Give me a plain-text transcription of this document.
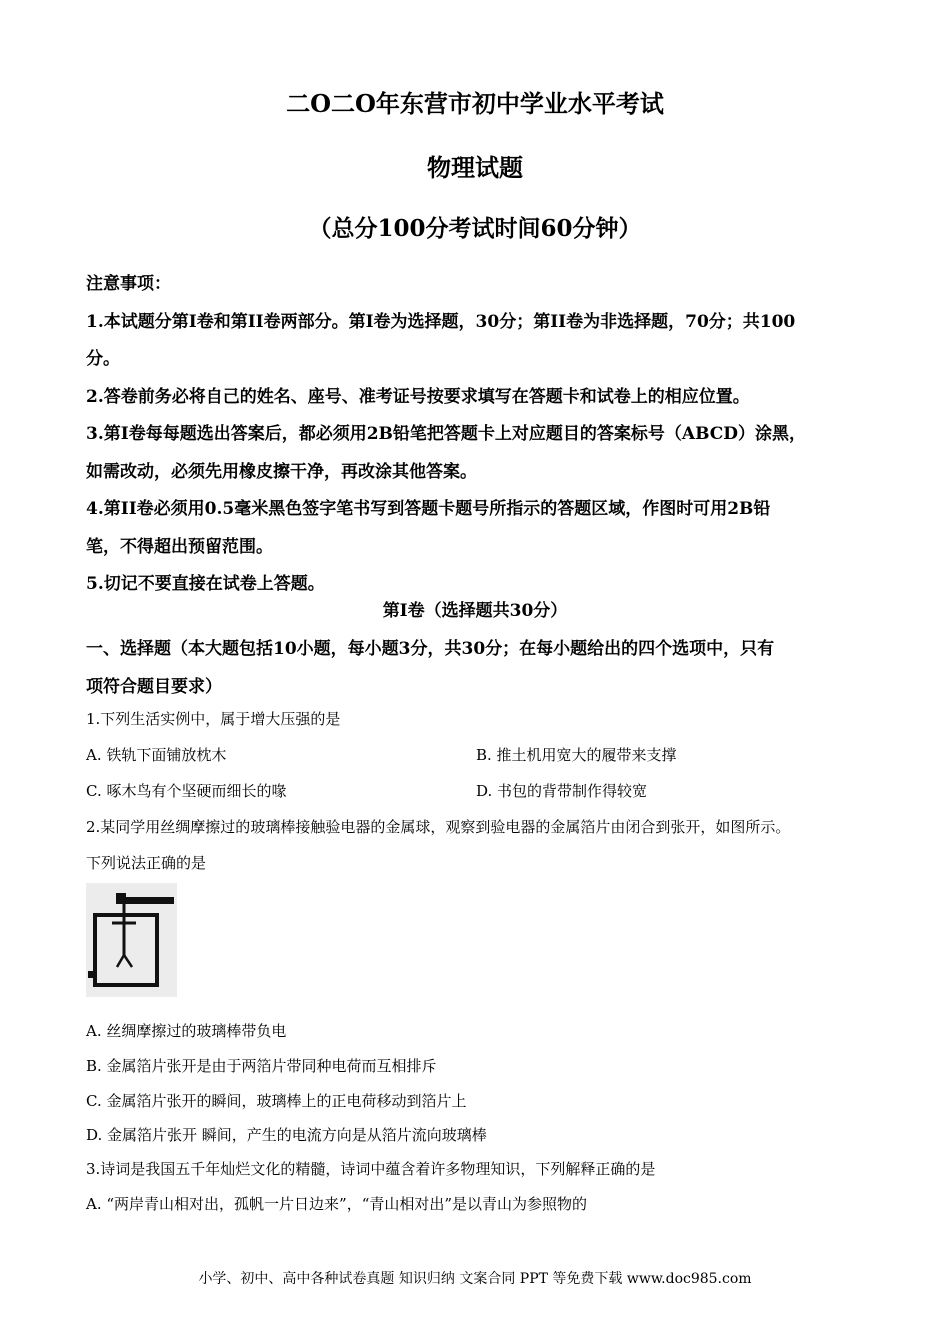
二O二O年东营市初中学业水平考试
物理试题
（总分100分考试时间60分钟）

注意事项：

1.本试题分第I卷和第II卷两部分。第I卷为选择题，30分；第II卷为非选择题，70分；共100

分。

2.答卷前务必将自己的姓名、座号、准考证号按要求填写在答题卡和试卷上的相应位置。

3.第I卷每每题选出答案后，都必须用2B铅笔把答题卡上对应题目的答案标号（ABCD）涂黑，

如需改动，必须先用橡皮擦干净，再改涂其他答案。

4.第II卷必须用0.5毫米黑色签字笔书写到答题卡题号所指示的答题区域，作图时可用2B铅

笔，不得超出预留范围。

5.切记不要直接在试卷上答题。

第I卷（选择题共30分）
一、选择题（本大题包括10小题，每小题3分，共30分；在每小题给出的四个选项中，只有
项符合题目要求）
1.下列生活实例中，属于增大压强的是
A. 铁轨下面铺放枕木	B. 推土机用宽大的履带来支撑
C. 啄木鸟有个坚硬而细长的喙	D. 书包的背带制作得较宽
2.某同学用丝绸摩擦过的玻璃棒接触验电器的金属球，观察到验电器的金属箔片由闭合到张开，如图所示。
下列说法正确的是
A. 丝绸摩擦过的玻璃棒带负电
B. 金属箔片张开是由于两箔片带同种电荷而互相排斥
C. 金属箔片张开的瞬间，玻璃棒上的正电荷移动到箔片上
D. 金属箔片张开 瞬间，产生的电流方向是从箔片流向玻璃棒
3.诗词是我国五千年灿烂文化的精髓，诗词中蕴含着许多物理知识，下列解释正确的是
A. “两岸青山相对出，孤帆一片日边来”，“青山相对出”是以青山为参照物的
小学、初中、高中各种试卷真题 知识归纳 文案合同 PPT 等免费下载 www.doc985.com
